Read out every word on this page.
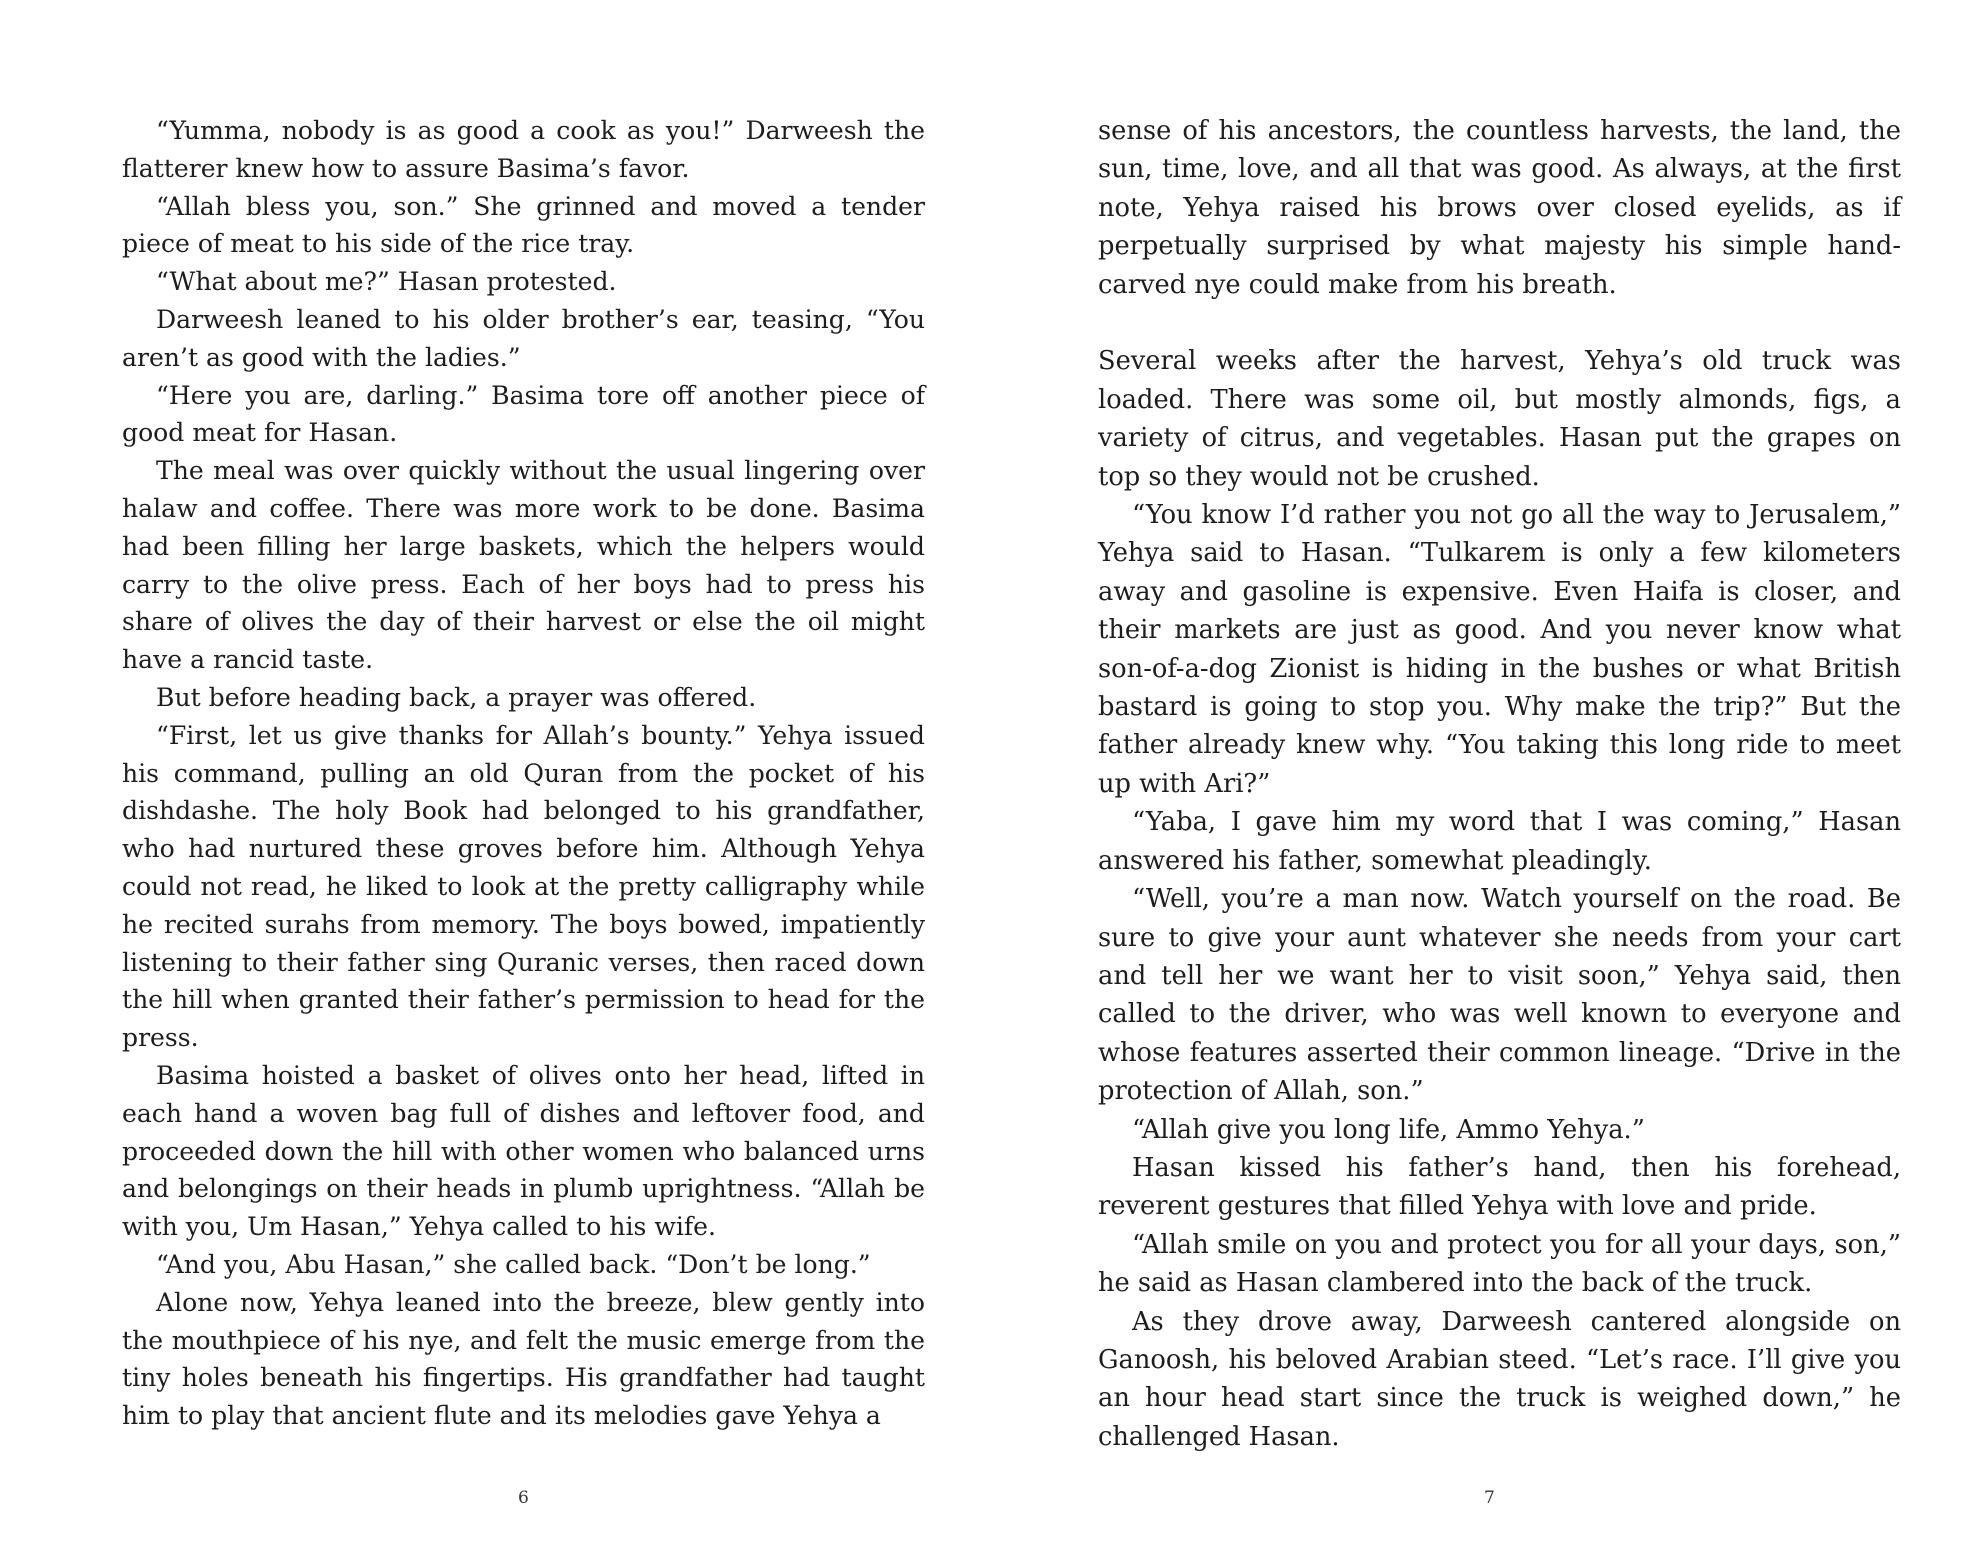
“Yumma, nobody is as good a cook as you!” Darweesh the flatterer knew how to assure Basima’s favor.

“Allah bless you, son.” She grinned and moved a tender piece of meat to his side of the rice tray.

“What about me?” Hasan protested.

Darweesh leaned to his older brother’s ear, teasing, “You aren’t as good with the ladies.”

“Here you are, darling.” Basima tore off another piece of good meat for Hasan.

The meal was over quickly without the usual lingering over halaw and coffee. There was more work to be done. Basima had been filling her large baskets, which the helpers would carry to the olive press. Each of her boys had to press his share of olives the day of their harvest or else the oil might have a rancid taste.

But before heading back, a prayer was offered.

“First, let us give thanks for Allah’s bounty.” Yehya issued his command, pulling an old Quran from the pocket of his dishdashe. The holy Book had belonged to his grandfather, who had nurtured these groves before him. Although Yehya could not read, he liked to look at the pretty calligraphy while he recited surahs from memory. The boys bowed, impatiently listening to their father sing Quranic verses, then raced down the hill when granted their father’s permission to head for the press.

Basima hoisted a basket of olives onto her head, lifted in each hand a woven bag full of dishes and leftover food, and proceeded down the hill with other women who balanced urns and belongings on their heads in plumb uprightness. “Allah be with you, Um Hasan,” Yehya called to his wife.

“And you, Abu Hasan,” she called back. “Don’t be long.”

Alone now, Yehya leaned into the breeze, blew gently into the mouthpiece of his nye, and felt the music emerge from the tiny holes beneath his fingertips. His grandfather had taught him to play that ancient flute and its melodies gave Yehya a

6

sense of his ancestors, the countless harvests, the land, the sun, time, love, and all that was good. As always, at the first note, Yehya raised his brows over closed eyelids, as if perpetually surprised by what majesty his simple hand-carved nye could make from his breath.

Several weeks after the harvest, Yehya’s old truck was loaded. There was some oil, but mostly almonds, figs, a variety of citrus, and vegetables. Hasan put the grapes on top so they would not be crushed.

“You know I’d rather you not go all the way to Jerusalem,” Yehya said to Hasan. “Tulkarem is only a few kilometers away and gasoline is expensive. Even Haifa is closer, and their markets are just as good. And you never know what son-of-a-dog Zionist is hiding in the bushes or what British bastard is going to stop you. Why make the trip?” But the father already knew why. “You taking this long ride to meet up with Ari?”

“Yaba, I gave him my word that I was coming,” Hasan answered his father, somewhat pleadingly.

“Well, you’re a man now. Watch yourself on the road. Be sure to give your aunt whatever she needs from your cart and tell her we want her to visit soon,” Yehya said, then called to the driver, who was well known to everyone and whose features asserted their common lineage. “Drive in the protection of Allah, son.”

“Allah give you long life, Ammo Yehya.”

Hasan kissed his father’s hand, then his forehead, reverent gestures that filled Yehya with love and pride.

“Allah smile on you and protect you for all your days, son,” he said as Hasan clambered into the back of the truck.

As they drove away, Darweesh cantered alongside on Ganoosh, his beloved Arabian steed. “Let’s race. I’ll give you an hour head start since the truck is weighed down,” he challenged Hasan.

7
